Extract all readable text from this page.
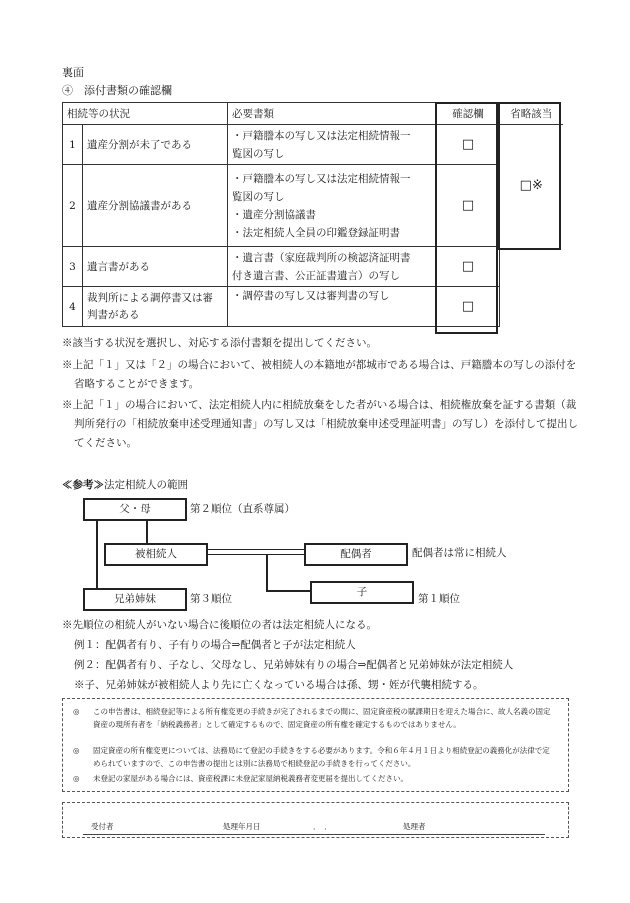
裏面
④　添付書類の確認欄
相続等の状況		必要書類	確認欄	省略該当
1	遺産分割が未了である	・戸籍謄本の写し又は法定相続情報一
覧図の写し	□	□※
2	遺産分割協議書がある	・戸籍謄本の写し又は法定相続情報一
覧図の写し
・遺産分割協議書
・法定相続人全員の印鑑登録証明書	□	
3	遺言書がある	・遺言書（家庭裁判所の検認済証明書
付き遺言書、公正証書遺言）の写し	□	
4	裁判所による調停書又は審判書がある	・調停書の写し又は審判書の写し	□	
※該当する状況を選択し、対応する添付書類を提出してください。
※上記「１」又は「２」の場合において、被相続人の本籍地が都城市である場合は、戸籍謄本の写しの添付を省略することができます。
※上記「１」の場合において、法定相続人内に相続放棄をした者がいる場合は、相続権放棄を証する書類（裁判所発行の「相続放棄申述受理通知書」の写し又は「相続放棄申述受理証明書」の写し）を添付して提出してください。
≪参考≫法定相続人の範囲
父・母	第２順位（直系尊属）
被相続人	配偶者	配偶者は常に相続人
兄弟姉妹	第３順位
子
第１順位
※先順位の相続人がいない場合に後順位の者は法定相続人になる。
例１：配偶者有り、子有りの場合⇒配偶者と子が法定相続人
例２：配偶者有り、子なし、父母なし、兄弟姉妹有りの場合⇒配偶者と兄弟姉妹が法定相続人
※子、兄弟姉妹が被相続人より先に亡くなっている場合は孫、甥・姪が代襲相続する。
◎ この申告書は、相続登記等による所有権変更の手続きが完了されるまでの間に、固定資産税の賦課期日を迎えた場合に、故人名義の固定資産の現所有者を「納税義務者」として確定するもので、固定資産の所有権を確定するものではありません。
◎ 固定資産の所有権変更については、法務局にて登記の手続きをする必要があります。令和６年４月１日より相続登記の義務化が法律で定められていますので、この申告書の提出とは別に法務局で相続登記の手続きを行ってください。
◎ 未登記の家屋がある場合には、資産税課に未登記家屋納税義務者変更届を提出してください。
受付者	処理年月日	．　．	処理者
